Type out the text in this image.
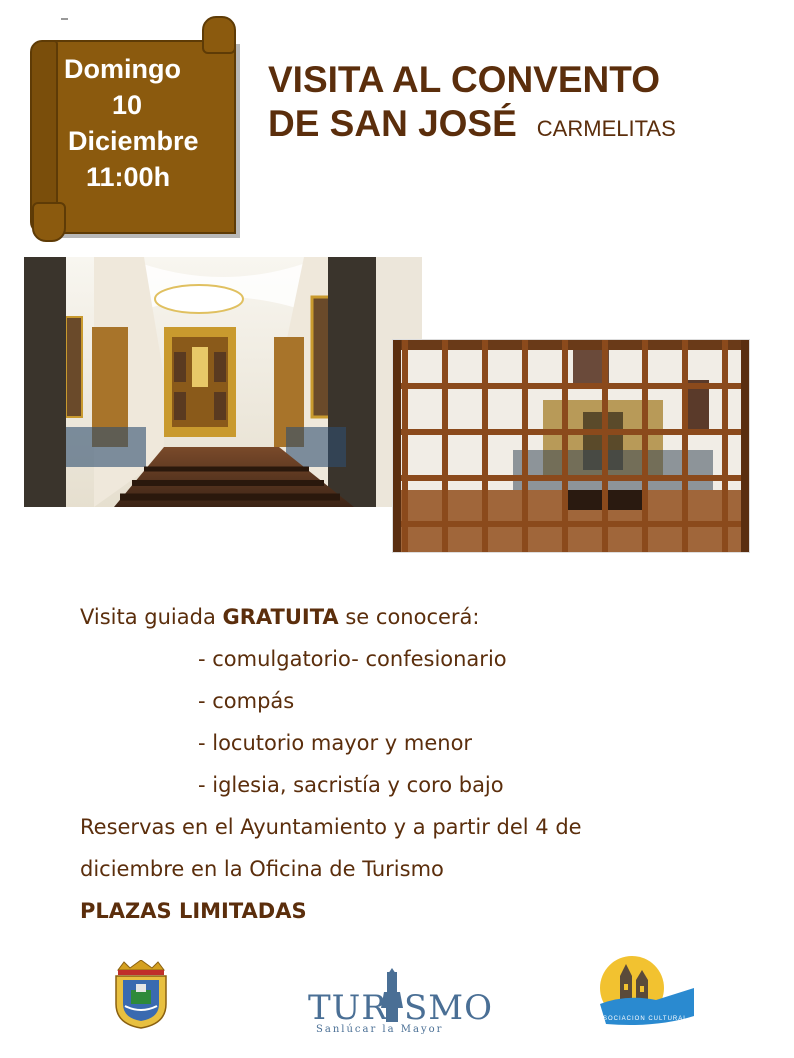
Domingo
10
Diciembre
11:00h
VISITA AL CONVENTO
DE SAN JOSÉ CARMELITAS
Visita guiada GRATUITA se conocerá:
- comulgatorio- confesionario
- compás
- locutorio mayor y menor
- iglesia, sacristía y coro bajo
Reservas en el Ayuntamiento y a partir del 4 de
diciembre en la Oficina de Turismo
PLAZAS LIMITADAS
TUR SMO
Sanlúcar la Mayor
ASOCIACION CULTURAL
